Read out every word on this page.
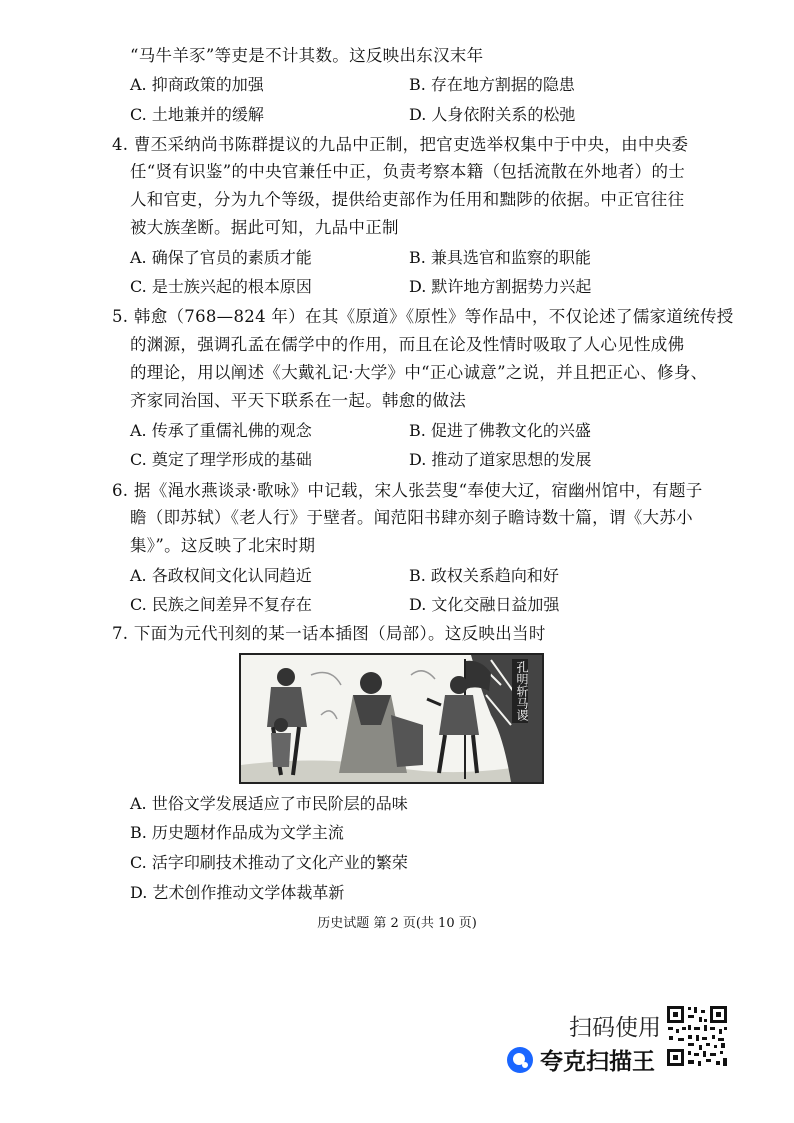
“马牛羊豕”等吏是不计其数。这反映出东汉末年
A. 抑商政策的加强	B. 存在地方割据的隐患
C. 土地兼并的缓解	D. 人身依附关系的松弛
4. 曹丕采纳尚书陈群提议的九品中正制，把官吏选举权集中于中央，由中央委
任“贤有识鉴”的中央官兼任中正，负责考察本籍（包括流散在外地者）的士
人和官吏，分为九个等级，提供给吏部作为任用和黜陟的依据。中正官往往
被大族垄断。据此可知，九品中正制
A. 确保了官员的素质才能	B. 兼具选官和监察的职能
C. 是士族兴起的根本原因	D. 默许地方割据势力兴起
5. 韩愈（768—824 年）在其《原道》《原性》等作品中，不仅论述了儒家道统传授
的渊源，强调孔孟在儒学中的作用，而且在论及性情时吸取了人心见性成佛
的理论，用以阐述《大戴礼记·大学》中“正心诚意”之说，并且把正心、修身、
齐家同治国、平天下联系在一起。韩愈的做法
A. 传承了重儒礼佛的观念	B. 促进了佛教文化的兴盛
C. 奠定了理学形成的基础	D. 推动了道家思想的发展
6. 据《渑水燕谈录·歌咏》中记载，宋人张芸叟“奉使大辽，宿幽州馆中，有题子
瞻（即苏轼）《老人行》于壁者。闻范阳书肆亦刻子瞻诗数十篇，谓《大苏小
集》”。这反映了北宋时期
A. 各政权间文化认同趋近	B. 政权关系趋向和好
C. 民族之间差异不复存在	D. 文化交融日益加强
7. 下面为元代刊刻的某一话本插图（局部）。这反映出当时
孔明斩马谡
A. 世俗文学发展适应了市民阶层的品味
B. 历史题材作品成为文学主流
C. 活字印刷技术推动了文化产业的繁荣
D. 艺术创作推动文学体裁革新
历史试题 第 2 页(共 10 页)
扫码使用
夸克扫描王
